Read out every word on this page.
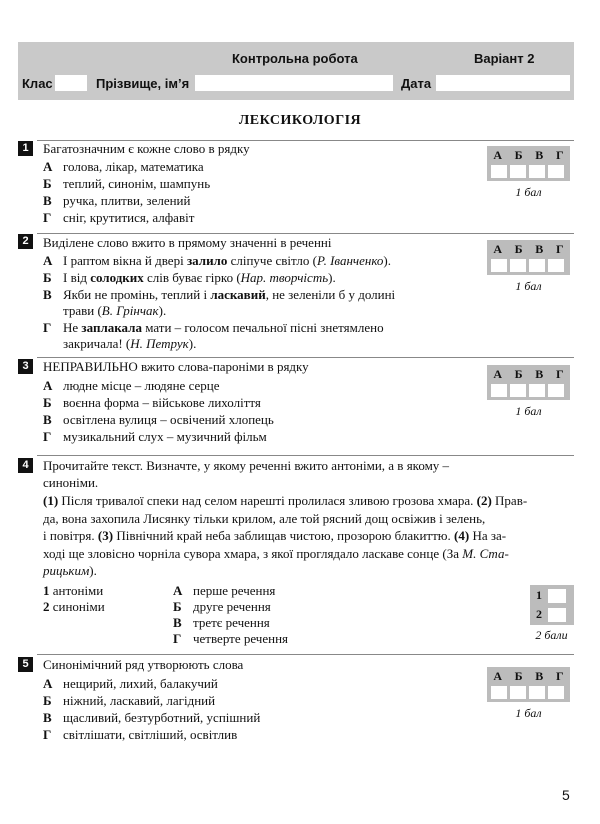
Контрольна робота	Варіант 2
Клас	Прізвище, ім’я	Дата
ЛЕКСИКОЛОГІЯ
1	Багатозначним є кожне слово в рядку
А голова, лікар, математика
Б теплий, синонім, шампунь
В ручка, плитви, зелений
Г сніг, крутитися, алфавіт
А Б В Г
1 бал
2	Виділене слово вжито в прямому значенні в реченні
А І раптом вікна й двері залило сліпуче світло (Р. Іванченко).
Б І від солодких слів буває гірко (Нар. творчість).
В Якби не промінь, теплий і ласкавий, не зеленіли б у долині
трави (В. Грінчак).
Г Не заплакала мати – голосом печальної пісні знетямлено
закричала! (Н. Петрук).
А Б В Г
1 бал
3	НЕПРАВИЛЬНО вжито слова-пароніми в рядку
А людне місце – людяне серце
Б воєнна форма – військове лихоліття
В освітлена вулиця – освічений хлопець
Г музикальний слух – музичний фільм
А Б В Г
1 бал
4	Прочитайте текст. Визначте, у якому реченні вжито антоніми, а в якому –
синоніми.
(1) Після тривалої спеки над селом нарешті пролилася зливою грозова хмара. (2) Прав-
да, вона захопила Лисянку тільки крилом, але той рясний дощ освіжив і зелень,
і повітря. (3) Північний край неба заблищав чистою, прозорою блакиттю. (4) На за-
ході ще зловісно чорніла сувора хмара, з якої проглядало ласкаве сонце (За М. Ста-
рицьким).
1 антоніми
2 синоніми
А перше речення
Б друге речення
В третє речення
Г четверте речення
1
2
2 бали
5	Синонімічний ряд утворюють слова
А нещирий, лихий, балакучий
Б ніжний, ласкавий, лагідний
В щасливий, безтурботний, успішний
Г світлішати, світліший, освітлив
А Б В Г
1 бал
5
